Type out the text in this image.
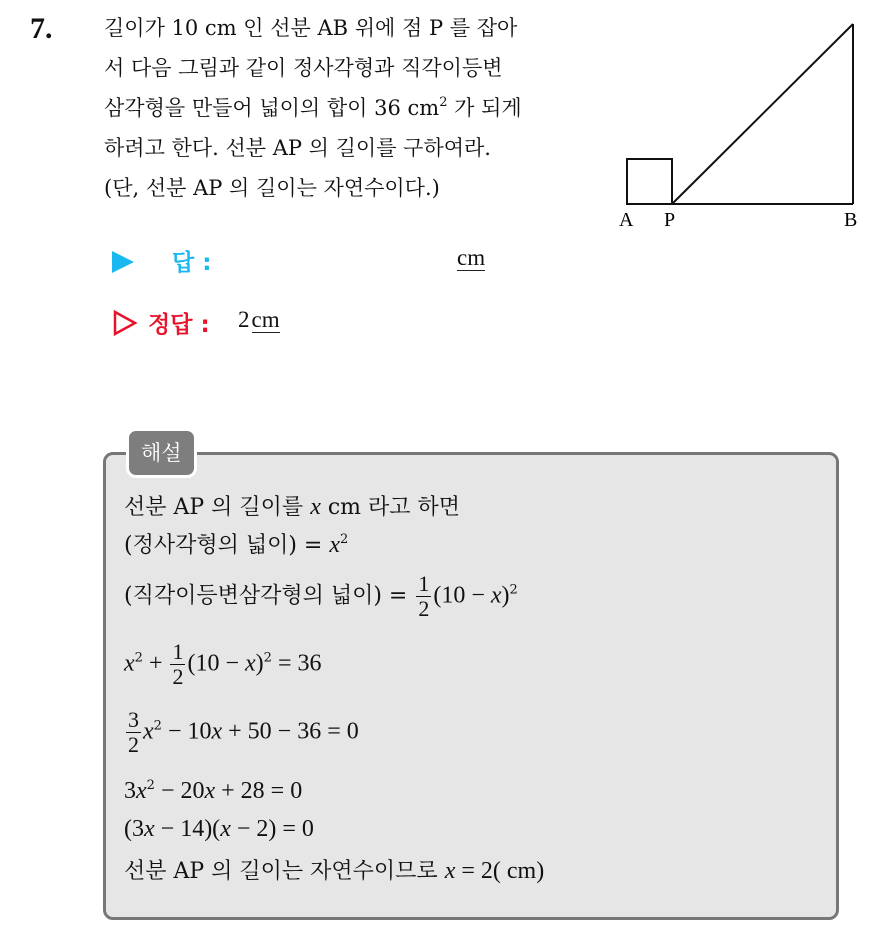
7. 길이가 10 cm 인 선분 AB 위에 점 P 를 잡아
서 다음 그림과 같이 정사각형과 직각이등변
삼각형을 만들어 넓이의 합이 36 $cm^2$ 가 되게
하려고 한다. 선분 AP 의 길이를 구하여라.
(단, 선분 AP 의 길이는 자연수이다.)
A P	B
답 :	cm
정답 : 2cm
해설
선분 AP 의 길이를 x cm 라고 하면
(정사각형의 넓이) = $x^2$
(직각이등변삼각형의 넓이) = $\frac{1}{2} (10 - x)^2$
$x^2 + \frac{1}{2} (10 - x)^2 = 36$
$\frac{3}{2} x^2 - 10x + 50 - 36 = 0$
$3x^2 - 20x + 28 = 0$
(3x − 14)(x − 2) = 0
선분 AP 의 길이는 자연수이므로 x = 2( cm)
